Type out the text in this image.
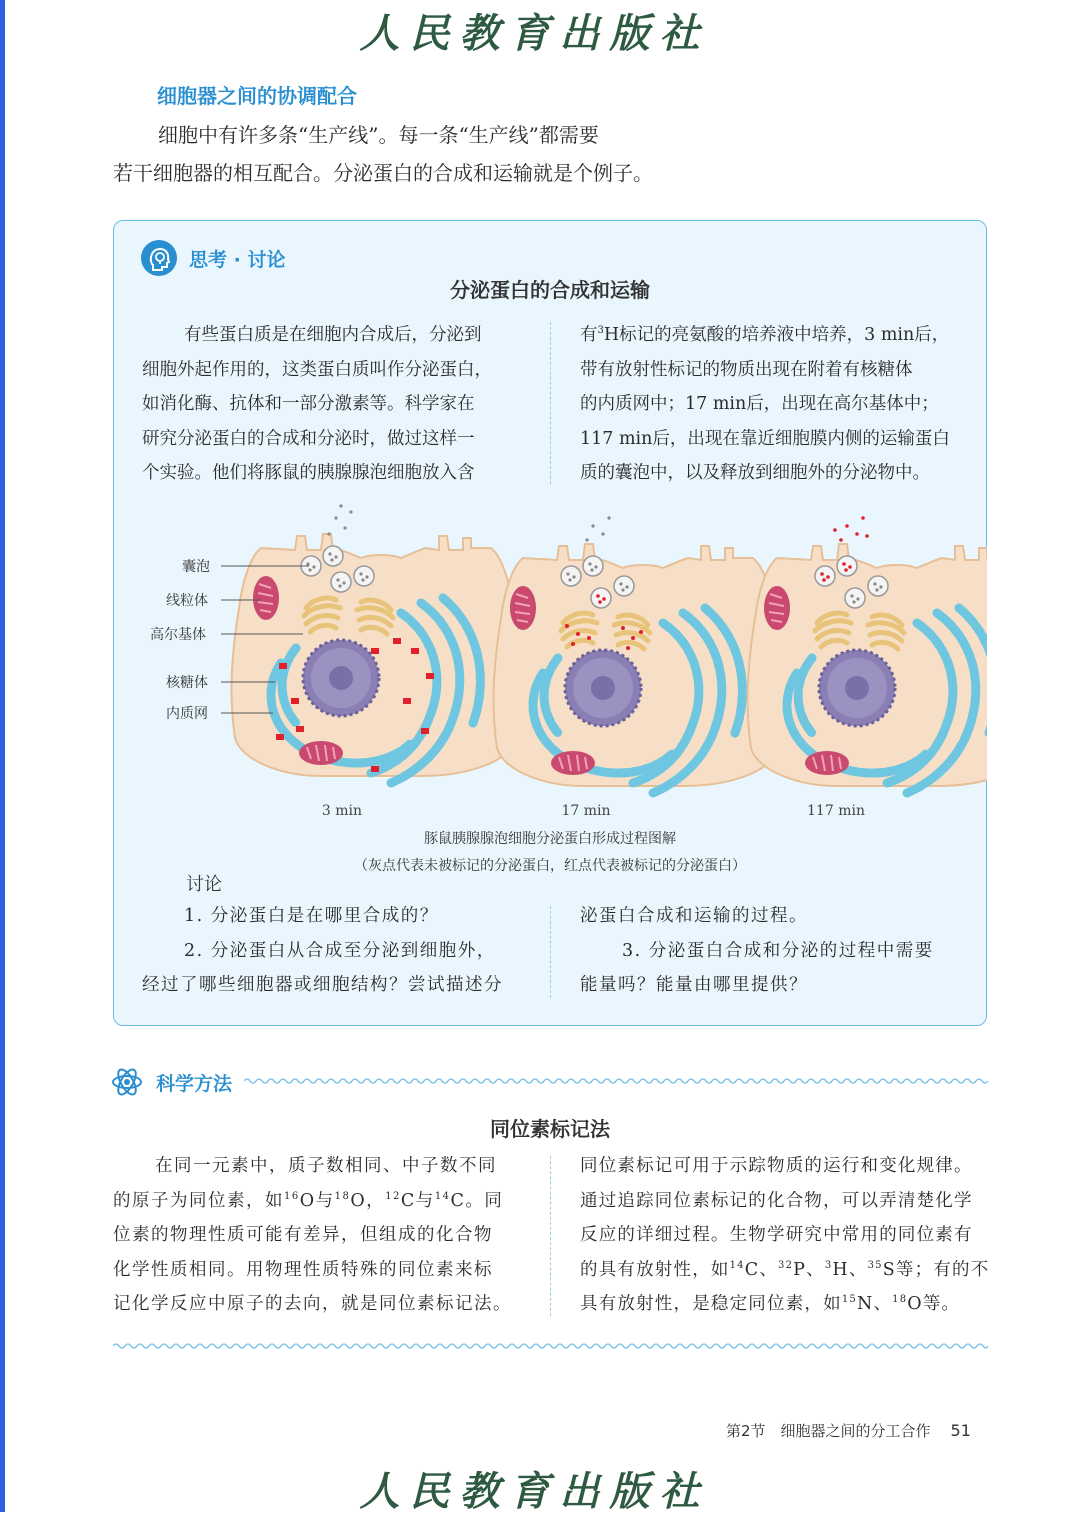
人民教育出版社
细胞器之间的协调配合

细胞中有许多条“生产线”。每一条“生产线”都需要

若干细胞器的相互配合。分泌蛋白的合成和运输就是个例子。

思考 · 讨论
分泌蛋白的合成和运输

有些蛋白质是在细胞内合成后，分泌到

细胞外起作用的，这类蛋白质叫作分泌蛋白，

如消化酶、抗体和一部分激素等。科学家在

研究分泌蛋白的合成和分泌时，做过这样一

个实验。他们将豚鼠的胰腺腺泡细胞放入含

有$^3$H标记的亮氨酸的培养液中培养，3 min后，

带有放射性标记的物质出现在附着有核糖体

的内质网中；17 min后，出现在高尔基体中；

117 min后，出现在靠近细胞膜内侧的运输蛋白

质的囊泡中，以及释放到细胞外的分泌物中。

囊泡
线粒体
高尔基体
核糖体
内质网
3 min	17 min	117 min
豚鼠胰腺腺泡细胞分泌蛋白形成过程图解
（灰点代表未被标记的分泌蛋白，红点代表被标记的分泌蛋白）
讨论

1. 分泌蛋白是在哪里合成的？

2. 分泌蛋白从合成至分泌到细胞外，

经过了哪些细胞器或细胞结构？尝试描述分

泌蛋白合成和运输的过程。

3. 分泌蛋白合成和分泌的过程中需要

能量吗？能量由哪里提供？

科学方法
同位素标记法

在同一元素中，质子数相同、中子数不同

的原子为同位素，如$^{16}$O与$^{18}$O，$^{12}$C与$^{14}$C。同

位素的物理性质可能有差异，但组成的化合物

化学性质相同。用物理性质特殊的同位素来标

记化学反应中原子的去向，就是同位素标记法。

同位素标记可用于示踪物质的运行和变化规律。

通过追踪同位素标记的化合物，可以弄清楚化学

反应的详细过程。生物学研究中常用的同位素有

的具有放射性，如$^{14}$C、$^{32}$P、$^3$H、$^{35}$S等；有的不

具有放射性，是稳定同位素，如$^{15}$N、$^{18}$O等。

第2节　细胞器之间的分工合作 51
人民教育出版社
